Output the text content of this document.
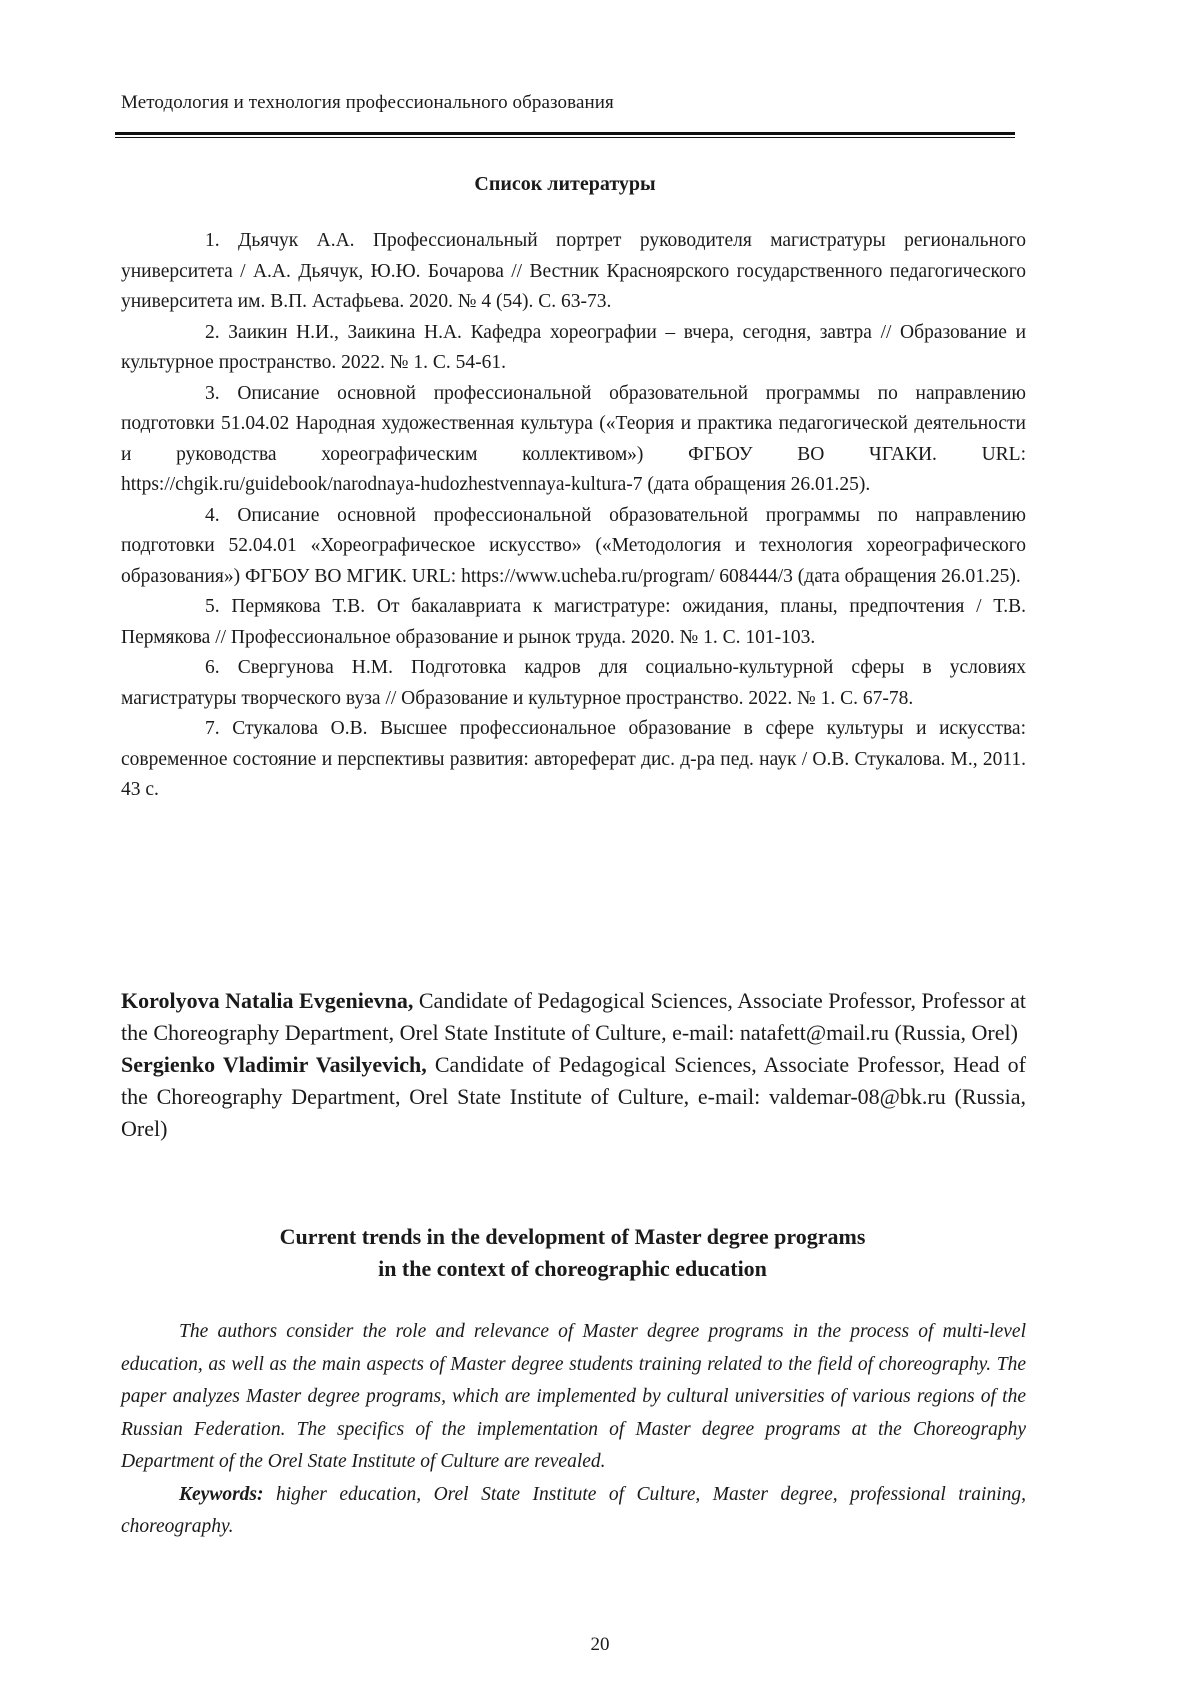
Методология и технология профессионального образования
Список литературы

1. Дьячук А.А. Профессиональный портрет руководителя магистратуры регионального университета / А.А. Дьячук, Ю.Ю. Бочарова // Вестник Красноярского государственного педагогического университета им. В.П. Астафьева. 2020. № 4 (54). С. 63-73.

2. Заикин Н.И., Заикина Н.А. Кафедра хореографии – вчера, сегодня, завтра // Образование и культурное пространство. 2022. № 1. С. 54-61.

3. Описание основной профессиональной образовательной программы по направлению подготовки 51.04.02 Народная художественная культура («Теория и практика педагогической деятельности и руководства хореографическим коллективом») ФГБОУ ВО ЧГАКИ. URL: https://chgik.ru/guidebook/narodnaya-hudozhestvennaya-kultura-7 (дата обращения 26.01.25).

4. Описание основной профессиональной образовательной программы по направлению подготовки 52.04.01 «Хореографическое искусство» («Методология и технология хореографического образования») ФГБОУ ВО МГИК. URL: https://www.ucheba.ru/program/ 608444/3 (дата обращения 26.01.25).

5. Пермякова Т.В. От бакалавриата к магистратуре: ожидания, планы, предпочтения / Т.В. Пермякова // Профессиональное образование и рынок труда. 2020. № 1. С. 101-103.

6. Свергунова Н.М. Подготовка кадров для социально-культурной сферы в условиях магистратуры творческого вуза // Образование и культурное пространство. 2022. № 1. С. 67-78.

7. Стукалова О.В. Высшее профессиональное образование в сфере культуры и искусства: современное состояние и перспективы развития: автореферат дис. д-ра пед. наук / О.В. Стукалова. М., 2011. 43 с.

Korolyova Natalia Evgenievna, Candidate of Pedagogical Sciences, Associate Professor, Professor at the Choreography Department, Orel State Institute of Culture, e-mail: natafett@mail.ru (Russia, Orel)

Sergienko Vladimir Vasilyevich, Candidate of Pedagogical Sciences, Associate Professor, Head of the Choreography Department, Orel State Institute of Culture, e-mail: valdemar-08@bk.ru (Russia, Orel)

Current trends in the development of Master degree programs
in the context of choreographic education

The authors consider the role and relevance of Master degree programs in the process of multi-level education, as well as the main aspects of Master degree students training related to the field of choreography. The paper analyzes Master degree programs, which are implemented by cultural universities of various regions of the Russian Federation. The specifics of the implementation of Master degree programs at the Choreography Department of the Orel State Institute of Culture are revealed.

Keywords: higher education, Orel State Institute of Culture, Master degree, professional training, choreography.

20
